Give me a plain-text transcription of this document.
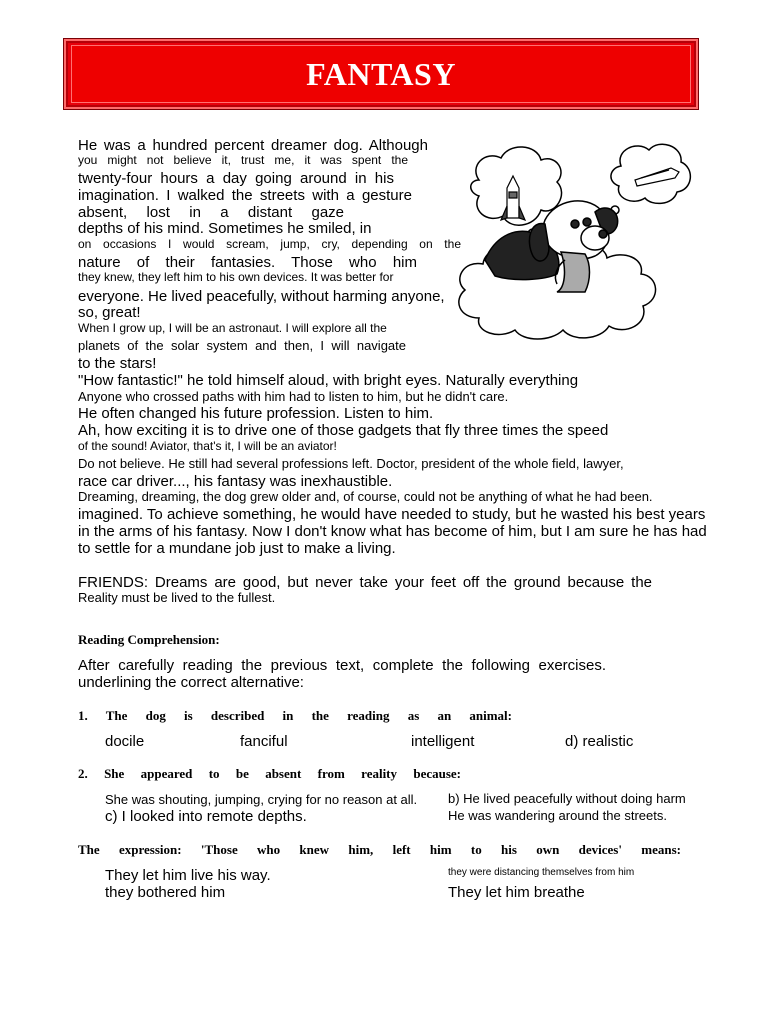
FANTASY
He was a hundred percent dreamer dog. Although
you might not believe it, trust me, it was spent the
twenty-four hours a day going around in his
imagination. I walked the streets with a gesture
absent, lost in a distant gaze
depths of his mind. Sometimes he smiled, in
on occasions I would scream, jump, cry, depending on the
nature of their fantasies. Those who him
they knew, they left him to his own devices. It was better for
everyone. He lived peacefully, without harming anyone,
so, great!
When I grow up, I will be an astronaut. I will explore all the
planets of the solar system and then, I will navigate
to the stars!
"How fantastic!" he told himself aloud, with bright eyes. Naturally everything
Anyone who crossed paths with him had to listen to him, but he didn't care.
He often changed his future profession. Listen to him.
Ah, how exciting it is to drive one of those gadgets that fly three times the speed
of the sound! Aviator, that's it, I will be an aviator!
Do not believe. He still had several professions left. Doctor, president of the whole field, lawyer,
race car driver..., his fantasy was inexhaustible.
Dreaming, dreaming, the dog grew older and, of course, could not be anything of what he had been.
imagined. To achieve something, he would have needed to study, but he wasted his best years
in the arms of his fantasy. Now I don't know what has become of him, but I am sure he has had
to settle for a mundane job just to make a living.
FRIENDS: Dreams are good, but never take your feet off the ground because the
Reality must be lived to the fullest.
Reading Comprehension:
After carefully reading the previous text, complete the following exercises.
underlining the correct alternative:
1. The dog is described in the reading as an animal:
docile	fanciful	intelligent	d) realistic
2. She appeared to be absent from reality because:
She was shouting, jumping, crying for no reason at all. b) He lived peacefully without doing harm
c) I looked into remote depths.	He was wandering around the streets.
The expression: 'Those who knew him, left him to his own devices' means:
They let him live his way.	they were distancing themselves from him
they bothered him	They let him breathe
